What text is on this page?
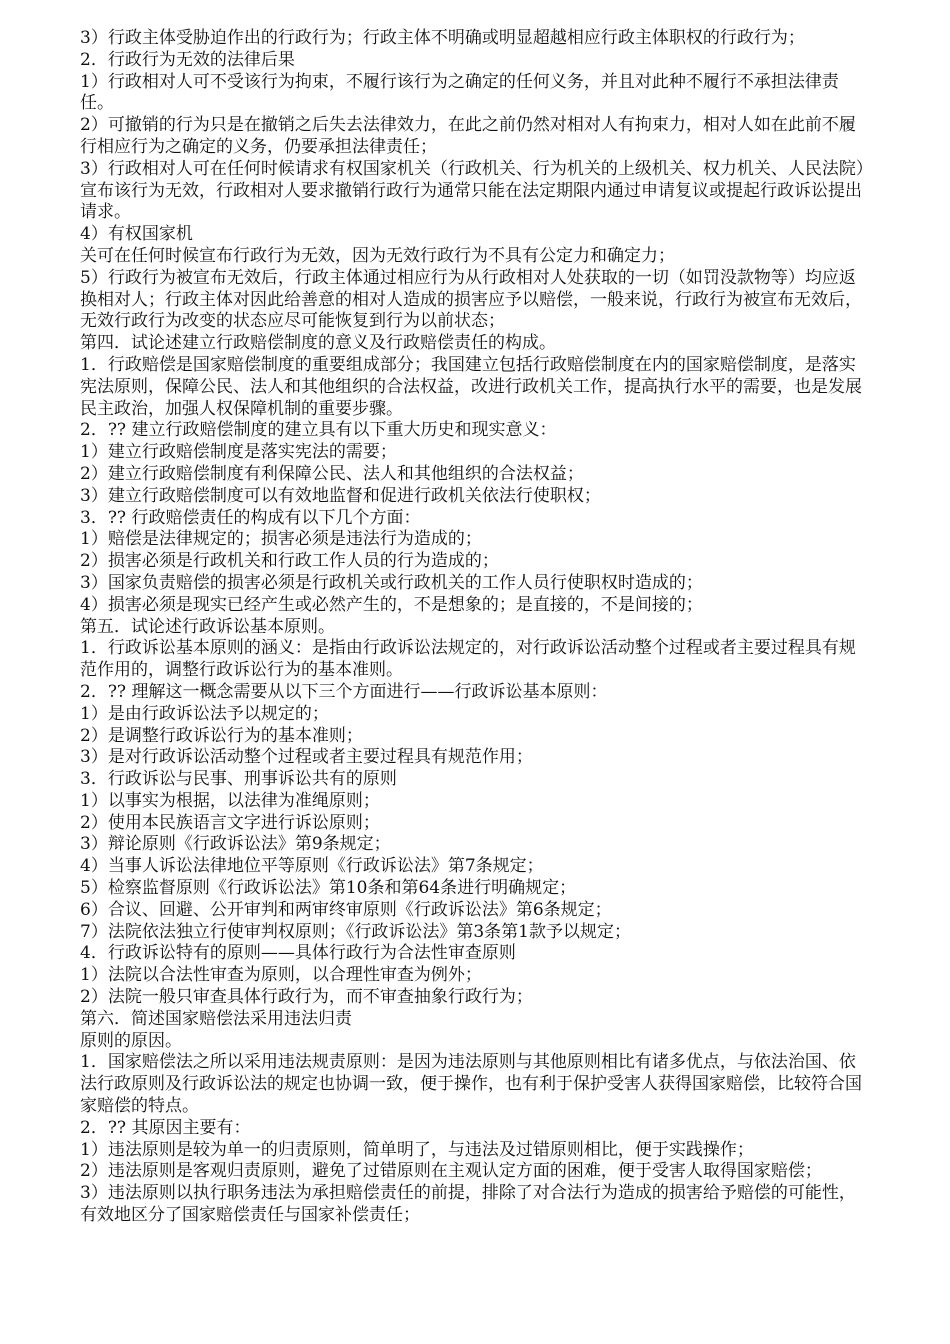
3）行政主体受胁迫作出的行政行为；行政主体不明确或明显超越相应行政主体职权的行政行为；

2．行政行为无效的法律后果

1）行政相对人可不受该行为拘束，不履行该行为之确定的任何义务，并且对此种不履行不承担法律责任。

2）可撤销的行为只是在撤销之后失去法律效力，在此之前仍然对相对人有拘束力，相对人如在此前不履行相应行为之确定的义务，仍要承担法律责任；

3）行政相对人可在任何时候请求有权国家机关（行政机关、行为机关的上级机关、权力机关、人民法院）宣布该行为无效，行政相对人要求撤销行政行为通常只能在法定期限内通过申请复议或提起行政诉讼提出请求。

4）有权国家机

关可在任何时候宣布行政行为无效，因为无效行政行为不具有公定力和确定力；

5）行政行为被宣布无效后，行政主体通过相应行为从行政相对人处获取的一切（如罚没款物等）均应返换相对人；行政主体对因此给善意的相对人造成的损害应予以赔偿，一般来说，行政行为被宣布无效后，无效行政行为改变的状态应尽可能恢复到行为以前状态；

第四．试论述建立行政赔偿制度的意义及行政赔偿责任的构成。

1．行政赔偿是国家赔偿制度的重要组成部分；我国建立包括行政赔偿制度在内的国家赔偿制度，是落实宪法原则，保障公民、法人和其他组织的合法权益，改进行政机关工作，提高执行水平的需要，也是发展民主政治，加强人权保障机制的重要步骤。

2．?? 建立行政赔偿制度的建立具有以下重大历史和现实意义：

1）建立行政赔偿制度是落实宪法的需要；

2）建立行政赔偿制度有利保障公民、法人和其他组织的合法权益；

3）建立行政赔偿制度可以有效地监督和促进行政机关依法行使职权；

3．?? 行政赔偿责任的构成有以下几个方面：

1）赔偿是法律规定的；损害必须是违法行为造成的；

2）损害必须是行政机关和行政工作人员的行为造成的；

3）国家负责赔偿的损害必须是行政机关或行政机关的工作人员行使职权时造成的；

4）损害必须是现实已经产生或必然产生的，不是想象的；是直接的，不是间接的；

第五．试论述行政诉讼基本原则。

1．行政诉讼基本原则的涵义：是指由行政诉讼法规定的，对行政诉讼活动整个过程或者主要过程具有规范作用的，调整行政诉讼行为的基本准则。

2．?? 理解这一概念需要从以下三个方面进行——行政诉讼基本原则：

1）是由行政诉讼法予以规定的；

2）是调整行政诉讼行为的基本准则；

3）是对行政诉讼活动整个过程或者主要过程具有规范作用；

3．行政诉讼与民事、刑事诉讼共有的原则

1）以事实为根据，以法律为准绳原则；

2）使用本民族语言文字进行诉讼原则；

3）辩论原则《行政诉讼法》第9条规定；

4）当事人诉讼法律地位平等原则《行政诉讼法》第7条规定；

5）检察监督原则《行政诉讼法》第10条和第64条进行明确规定；

6）合议、回避、公开审判和两审终审原则《行政诉讼法》第6条规定；

7）法院依法独立行使审判权原则；《行政诉讼法》第3条第1款予以规定；

4．行政诉讼特有的原则——具体行政行为合法性审查原则

1）法院以合法性审查为原则，以合理性审查为例外；

2）法院一般只审查具体行政行为，而不审查抽象行政行为；

第六．简述国家赔偿法采用违法归责

原则的原因。

1．国家赔偿法之所以采用违法规责原则：是因为违法原则与其他原则相比有诸多优点，与依法治国、依法行政原则及行政诉讼法的规定也协调一致，便于操作，也有利于保护受害人获得国家赔偿，比较符合国家赔偿的特点。

2．?? 其原因主要有：

1）违法原则是较为单一的归责原则，简单明了，与违法及过错原则相比，便于实践操作；

2）违法原则是客观归责原则，避免了过错原则在主观认定方面的困难，便于受害人取得国家赔偿；

3）违法原则以执行职务违法为承担赔偿责任的前提，排除了对合法行为造成的损害给予赔偿的可能性，有效地区分了国家赔偿责任与国家补偿责任；
